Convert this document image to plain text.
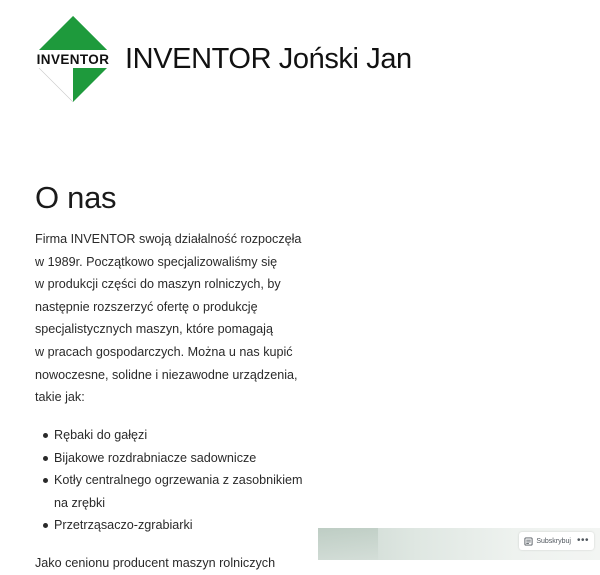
INVENTOR INVENTOR Joński Jan
O nas

Firma INVENTOR swoją działalność rozpoczęła
w 1989r. Początkowo specjalizowaliśmy się
w produkcji części do maszyn rolniczych, by
następnie rozszerzyć ofertę o produkcję
specjalistycznych maszyn, które pomagają
w pracach gospodarczych. Można u nas kupić
nowoczesne, solidne i niezawodne urządzenia,
takie jak:

Rębaki do gałęzi
Bijakowe rozdrabniacze sadownicze
Kotły centralnego ogrzewania z zasobnikiem
na zrębki
Przetrząsaczo-zgrabiarki
Jako cenionu producent maszyn rolniczych
Subskrybuj •••
